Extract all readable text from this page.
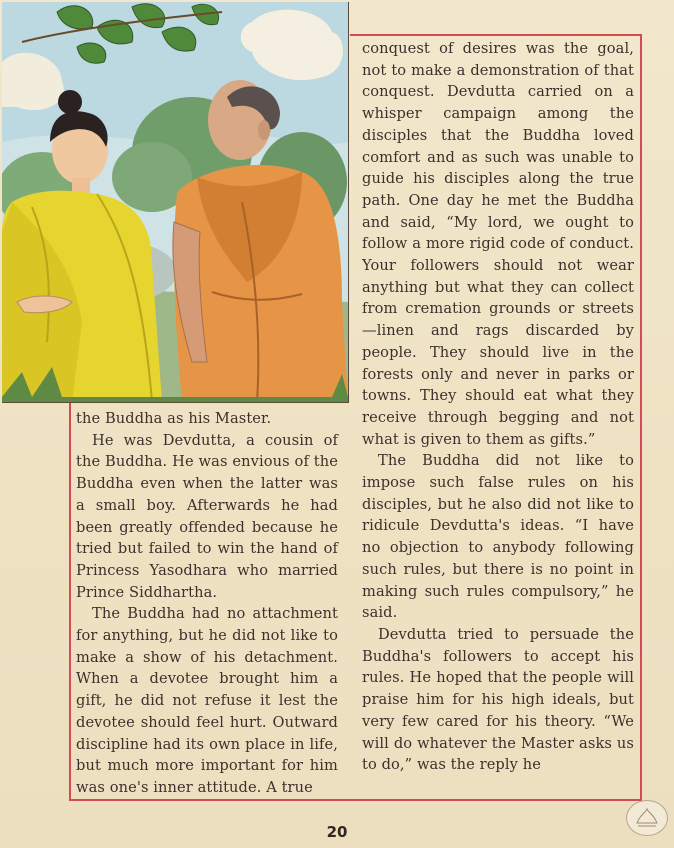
the Buddha as his Master.

He was Devdutta, a cousin of the Buddha. He was envious of the Buddha even when the latter was a small boy. Afterwards he had been greatly offended because he tried but failed to win the hand of Princess Yasodhara who married Prince Siddhartha.

The Buddha had no attachment for anything, but he did not like to make a show of his detachment. When a devotee brought him a gift, he did not refuse it lest the devotee should feel hurt. Outward discipline had its own place in life, but much more important for him was one's inner attitude. A true

conquest of desires was the goal, not to make a demonstration of that conquest. Devdutta carried on a whisper campaign among the disciples that the Buddha loved comfort and as such was unable to guide his disciples along the true path. One day he met the Buddha and said, “My lord, we ought to follow a more rigid code of conduct. Your followers should not wear anything but what they can collect from cremation grounds or streets—linen and rags discarded by people. They should live in the forests only and never in parks or towns. They should eat what they receive through begging and not what is given to them as gifts.”

The Buddha did not like to impose such false rules on his disciples, but he also did not like to ridicule Devdutta's ideas. “I have no objection to anybody following such rules, but there is no point in making such rules compulsory,” he said.

Devdutta tried to persuade the Buddha's followers to accept his rules. He hoped that the people will praise him for his high ideals, but very few cared for his theory. “We will do whatever the Master asks us to do,” was the reply he

20
